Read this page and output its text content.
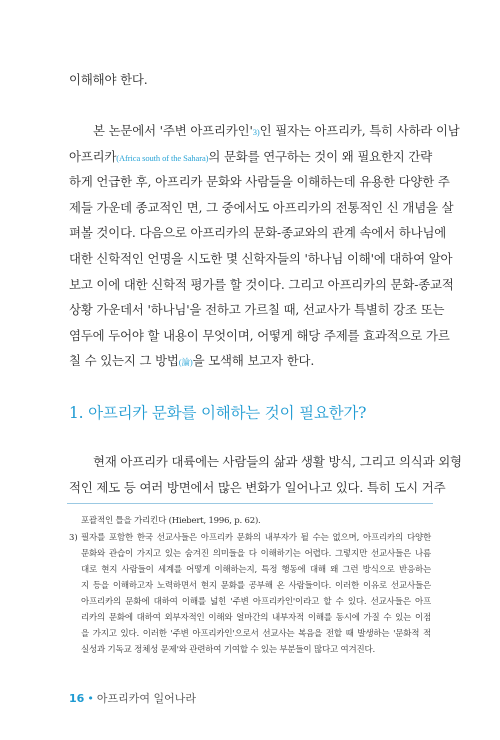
이해해야 한다.
본 논문에서 '주변 아프리카인'3)인 필자는 아프리카, 특히 사하라 이남
아프리카(Africa south of the Sahara)의 문화를 연구하는 것이 왜 필요한지 간략
하게 언급한 후, 아프리카 문화와 사람들을 이해하는데 유용한 다양한 주
제들 가운데 종교적인 면, 그 중에서도 아프리카의 전통적인 신 개념을 살
펴볼 것이다. 다음으로 아프리카의 문화-종교와의 관계 속에서 하나님에
대한 신학적인 언명을 시도한 몇 신학자들의 '하나님 이해'에 대하여 알아
보고 이에 대한 신학적 평가를 할 것이다. 그리고 아프리카의 문화-종교적
상황 가운데서 '하나님'을 전하고 가르칠 때, 선교사가 특별히 강조 또는
염두에 두어야 할 내용이 무엇이며, 어떻게 해당 주제를 효과적으로 가르
칠 수 있는지 그 방법(論)을 모색해 보고자 한다.
1. 아프리카 문화를 이해하는 것이 필요한가?
현재 아프리카 대륙에는 사람들의 삶과 생활 방식, 그리고 의식과 외형
적인 제도 등 여러 방면에서 많은 변화가 일어나고 있다. 특히 도시 거주
포괄적인 틀을 가리킨다 (Hiebert, 1996, p. 62).
3) 필자를 포함한 한국 선교사들은 아프리카 문화의 내부자가 될 수는 없으며, 아프리카의 다양한
문화와 관습이 가지고 있는 숨겨진 의미들을 다 이해하기는 어렵다. 그렇지만 선교사들은 나름
대로 현지 사람들이 세계를 어떻게 이해하는지, 특정 행동에 대해 왜 그런 방식으로 반응하는
지 등을 이해하고자 노력하면서 현지 문화를 공부해 온 사람들이다. 이러한 이유로 선교사들은
아프리카의 문화에 대하여 이해를 넓힌 '주변 아프리카인'이라고 할 수 있다. 선교사들은 아프
리카의 문화에 대하여 외부자적인 이해와 얼마간의 내부자적 이해를 동시에 가질 수 있는 이점
을 가지고 있다. 이러한 '주변 아프리카인'으로서 선교사는 복음을 전할 때 발생하는 '문화적 적
실성과 기독교 정체성 문제'와 관련하여 기여할 수 있는 부분들이 많다고 여겨진다.
16 • 아프리카여 일어나라
